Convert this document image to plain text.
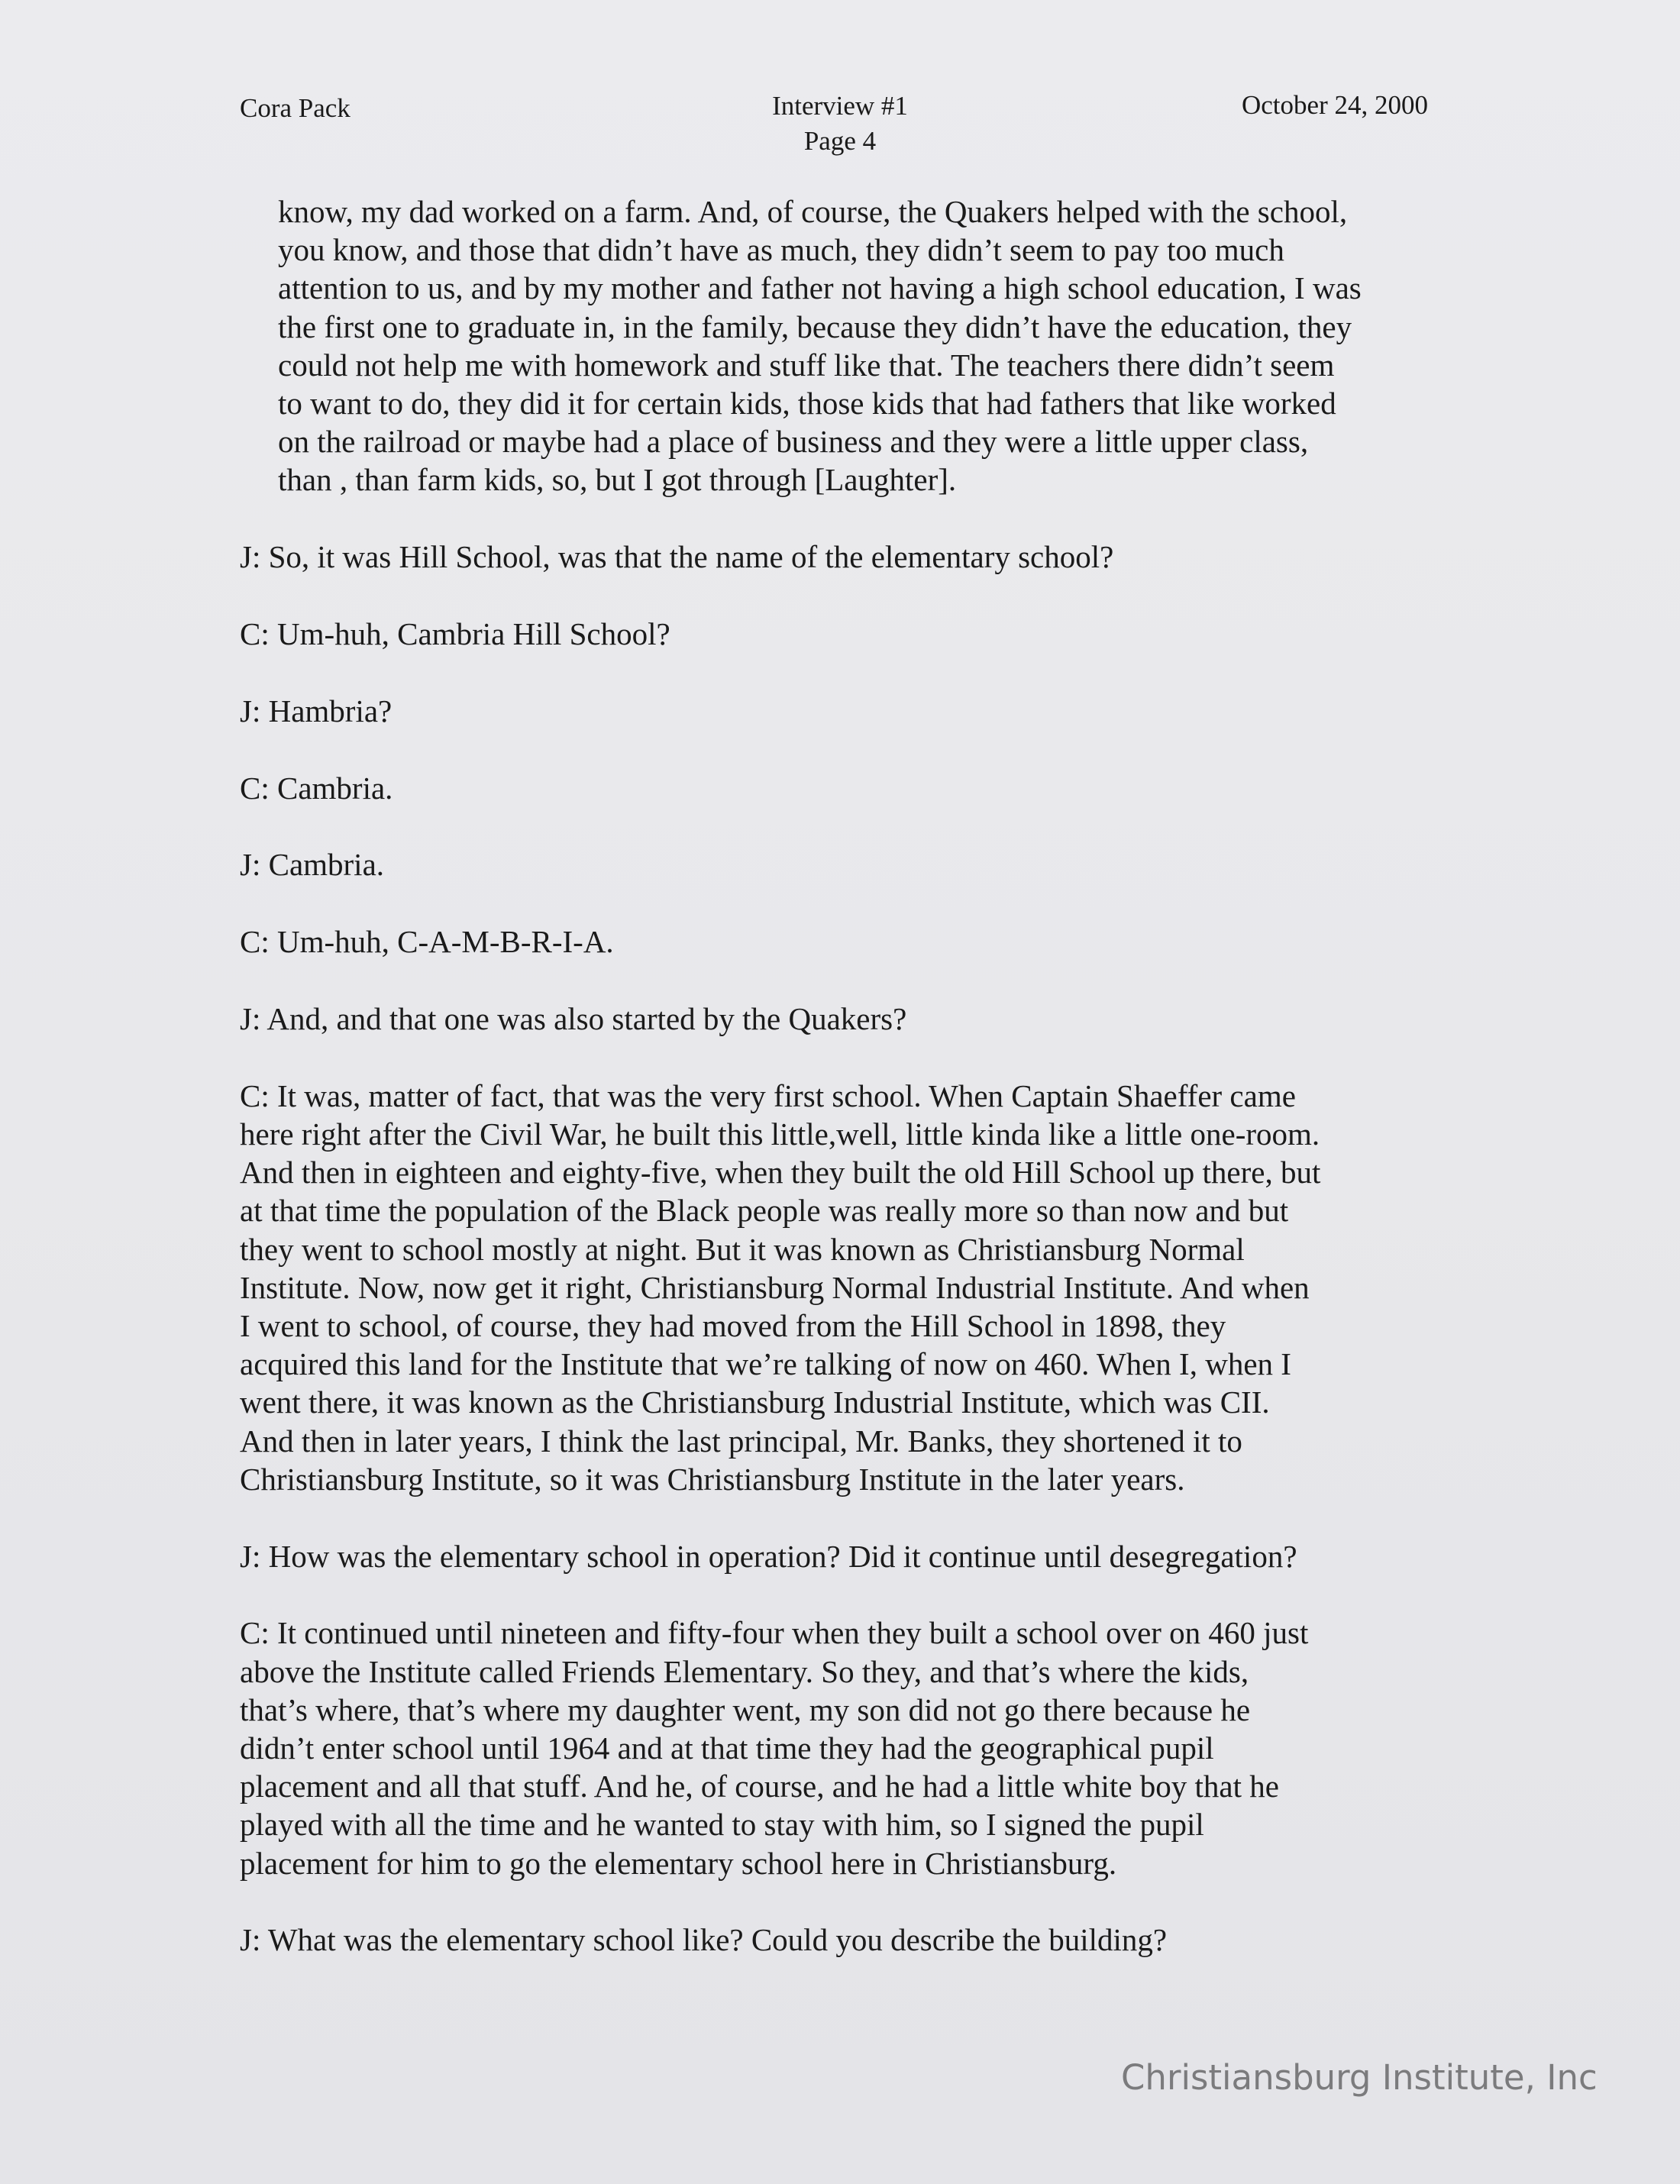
Cora Pack	Interview #1
Page 4
October 24, 2000
know, my dad worked on a farm. And, of course, the Quakers helped with the school,
you know, and those that didn’t have as much, they didn’t seem to pay too much
attention to us, and by my mother and father not having a high school education, I was
the first one to graduate in, in the family, because they didn’t have the education, they
could not help me with homework and stuff like that. The teachers there didn’t seem
to want to do, they did it for certain kids, those kids that had fathers that like worked
on the railroad or maybe had a place of business and they were a little upper class,
than , than farm kids, so, but I got through [Laughter].
J: So, it was Hill School, was that the name of the elementary school?
C: Um-huh, Cambria Hill School?
J: Hambria?
C: Cambria.
J: Cambria.
C: Um-huh, C-A-M-B-R-I-A.
J: And, and that one was also started by the Quakers?
C: It was, matter of fact, that was the very first school. When Captain Shaeffer came
here right after the Civil War, he built this little,well, little kinda like a little one-room.
And then in eighteen and eighty-five, when they built the old Hill School up there, but
at that time the population of the Black people was really more so than now and but
they went to school mostly at night. But it was known as Christiansburg Normal
Institute. Now, now get it right, Christiansburg Normal Industrial Institute. And when
I went to school, of course, they had moved from the Hill School in 1898, they
acquired this land for the Institute that we’re talking of now on 460. When I, when I
went there, it was known as the Christiansburg Industrial Institute, which was CII.
And then in later years, I think the last principal, Mr. Banks, they shortened it to
Christiansburg Institute, so it was Christiansburg Institute in the later years.
J: How was the elementary school in operation? Did it continue until desegregation?
C: It continued until nineteen and fifty-four when they built a school over on 460 just
above the Institute called Friends Elementary. So they, and that’s where the kids,
that’s where, that’s where my daughter went, my son did not go there because he
didn’t enter school until 1964 and at that time they had the geographical pupil
placement and all that stuff. And he, of course, and he had a little white boy that he
played with all the time and he wanted to stay with him, so I signed the pupil
placement for him to go the elementary school here in Christiansburg.
J: What was the elementary school like? Could you describe the building?
Christiansburg Institute, Inc
